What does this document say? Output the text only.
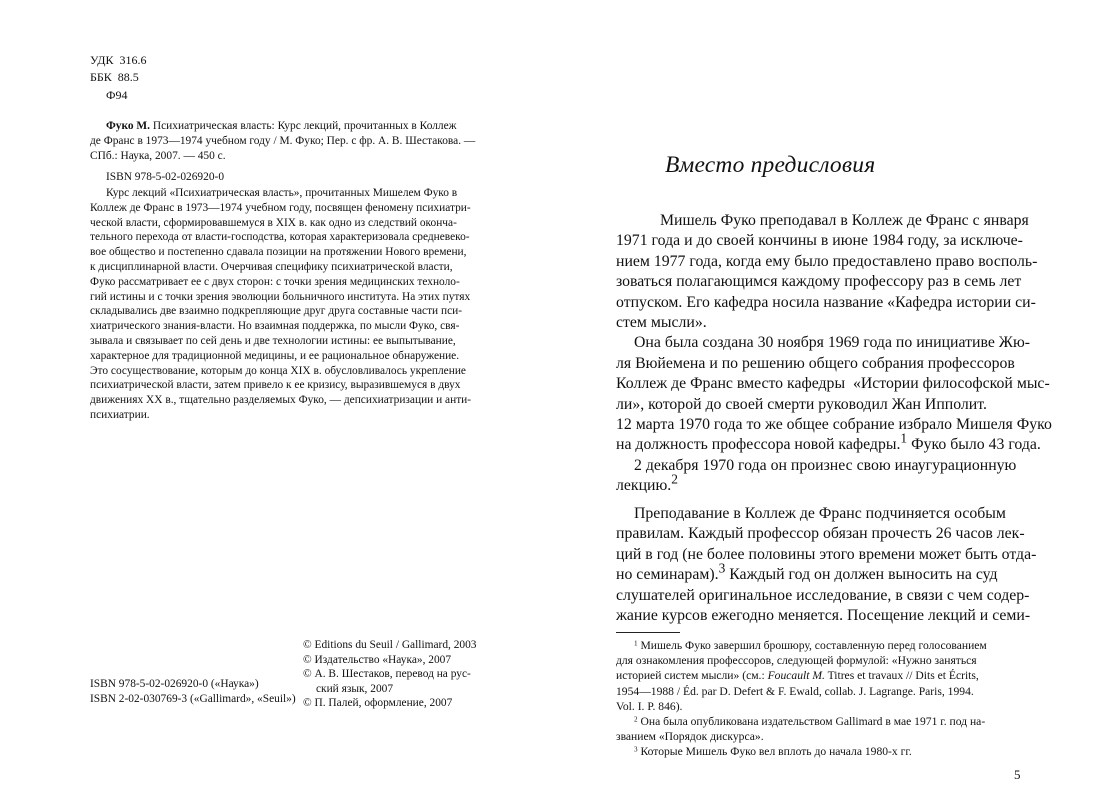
УДК  316.6

ББК  88.5

Ф94

Фуко М. Психиатрическая власть: Курс лекций, прочитанных в Коллеж

де Франс в 1973—1974 учебном году / М. Фуко; Пер. с фр. А. В. Шестакова. —

СПб.: Наука, 2007. — 450 с.

ISBN 978-5-02-026920-0

Курс лекций «Психиатрическая власть», прочитанных Мишелем Фуко в

Коллеж де Франс в 1973—1974 учебном году, посвящен феномену психиатри-

ческой власти, сформировавшемуся в XIX в. как одно из следствий окончa-

тельного перехода от власти-господства, которая характеризовала средневеко-

вое общество и постепенно сдавала позиции на протяжении Нового времени,

к дисциплинарной власти. Очерчивая специфику психиатрической власти,

Фуко рассматривает ее с двух сторон: с точки зрения медицинских техноло-

гий истины и с точки зрения эволюции больничного института. На этих путях

складывались две взаимно подкрепляющие друг друга составные части пси-

хиатрического знания-власти. Но взаимная поддержка, по мысли Фуко, свя-

зывала и связывает по сей день и две технологии истины: ее выпытывание,

характерное для традиционной медицины, и ее рациональное обнаружение.

Это сосуществование, которым до конца XIX в. обусловливалось укрепление

психиатрической власти, затем привело к ее кризису, выразившемуся в двух

движениях XX в., тщательно разделяемых Фуко, — депсихиатризации и анти-

психиатрии.

© Editions du Seuil / Gallimard, 2003

© Издательство «Наука», 2007

© А. В. Шестаков, перевод на рус-

ский язык, 2007

© П. Палей, оформление, 2007

ISBN 978-5-02-026920-0 («Наука»)

ISBN 2-02-030769-3 («Gallimard», «Seuil»)

Вместо предисловия

Мишель Фуко преподавал в Коллеж де Франс с января

1971 года и до своей кончины в июне 1984 году, за исключе-

нием 1977 года, когда ему было предоставлено право восполь-

зоваться полагающимся каждому профессору раз в семь лет

отпуском. Его кафедра носила название «Кафедра истории си-

стем мысли».

Она была создана 30 ноября 1969 года по инициативе Жю-

ля Вюйемена и по решению общего собрания профессоров

Коллеж де Франс вместо кафедры  «Истории философской мыс-

ли», которой до своей смерти руководил Жан Ипполит.

12 марта 1970 года то же общее собрание избрало Мишеля Фуко

на должность профессора новой кафедры.$^1$ Фуко было 43 года.

2 декабря 1970 года он произнес свою инаугурационную

лекцию.$^2$

Преподавание в Коллеж де Франс подчиняется особым

правилам. Каждый профессор обязан прочесть 26 часов лек-

ций в год (не более половины этого времени может быть отда-

но семинарам).$^3$ Каждый год он должен выносить на суд

слушателей оригинальное исследование, в связи с чем содер-

жание курсов ежегодно меняется. Посещение лекций и семи-

$^1$ Мишель Фуко завершил брошюру, составленную перед голосованием

для ознакомления профессоров, следующей формулой: «Нужно заняться

историей систем мысли» (см.: Foucault M. Titres et travaux // Dits et Écrits,

1954—1988 / Éd. par D. Defert & F. Ewald, collab. J. Lagrange. Paris, 1994.

Vol. I. P. 846).

$^2$ Она была опубликована издательством Gallimard в мае 1971 г. под на-

званием «Порядок дискурса».

$^3$ Которые Мишель Фуко вел вплоть до начала 1980-х гг.

5
